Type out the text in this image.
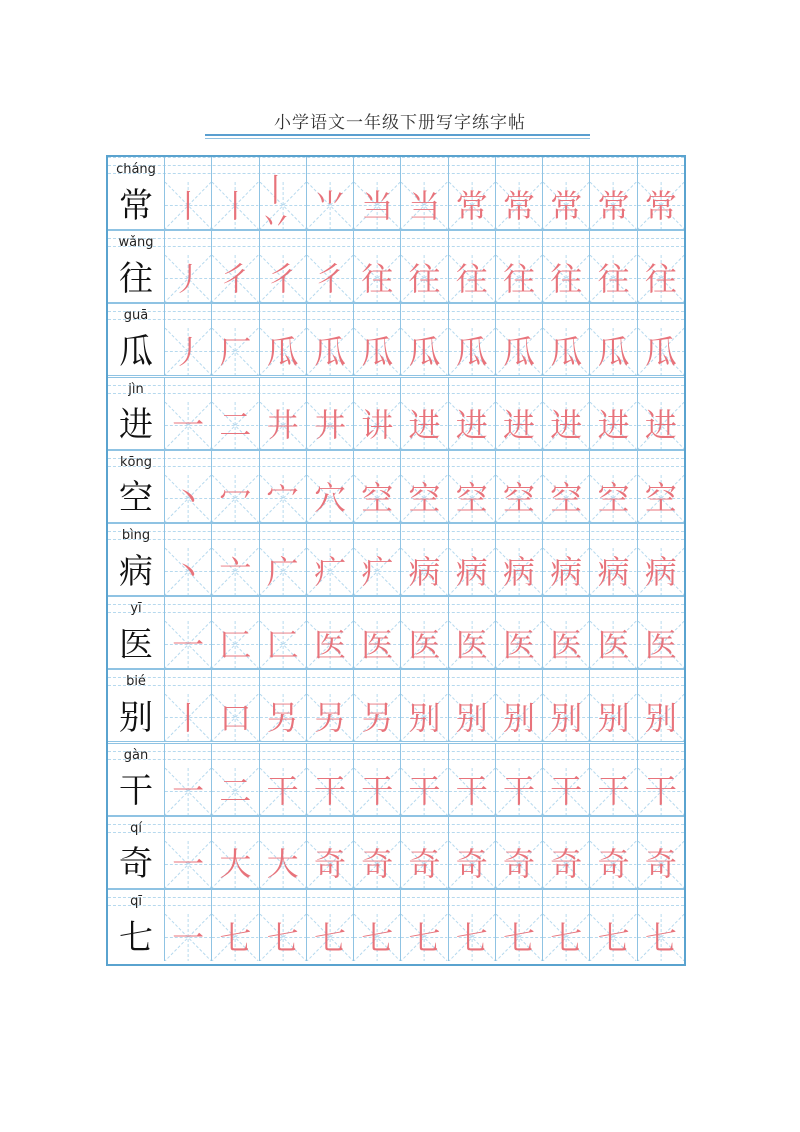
小学语文一年级下册写字练字帖
cháng
常 丨 丨 丨丷 ⺌ 当 当 常 常 常 常 常
wǎng
往 丿 彳 彳 彳 往 往 往 往 往 往 往
guā
瓜 丿 厂 瓜 瓜 瓜 瓜 瓜 瓜 瓜 瓜 瓜
jìn
进 一 二 井 井 讲 进 进 进 进 进 进
kōng
空 丶 冖 宀 穴 空 空 空 空 空 空 空
bìng
病 丶 亠 广 疒 疒 病 病 病 病 病 病
yī
医 一 匚 匚 医 医 医 医 医 医 医 医
bié
别 丨 口 另 另 另 别 别 别 别 别 别
gàn
干 一 二 干 干 干 干 干 干 干 干 干
qí
奇 一 大 大 奇 奇 奇 奇 奇 奇 奇 奇
qī
七 一 七 七 七 七 七 七 七 七 七 七
